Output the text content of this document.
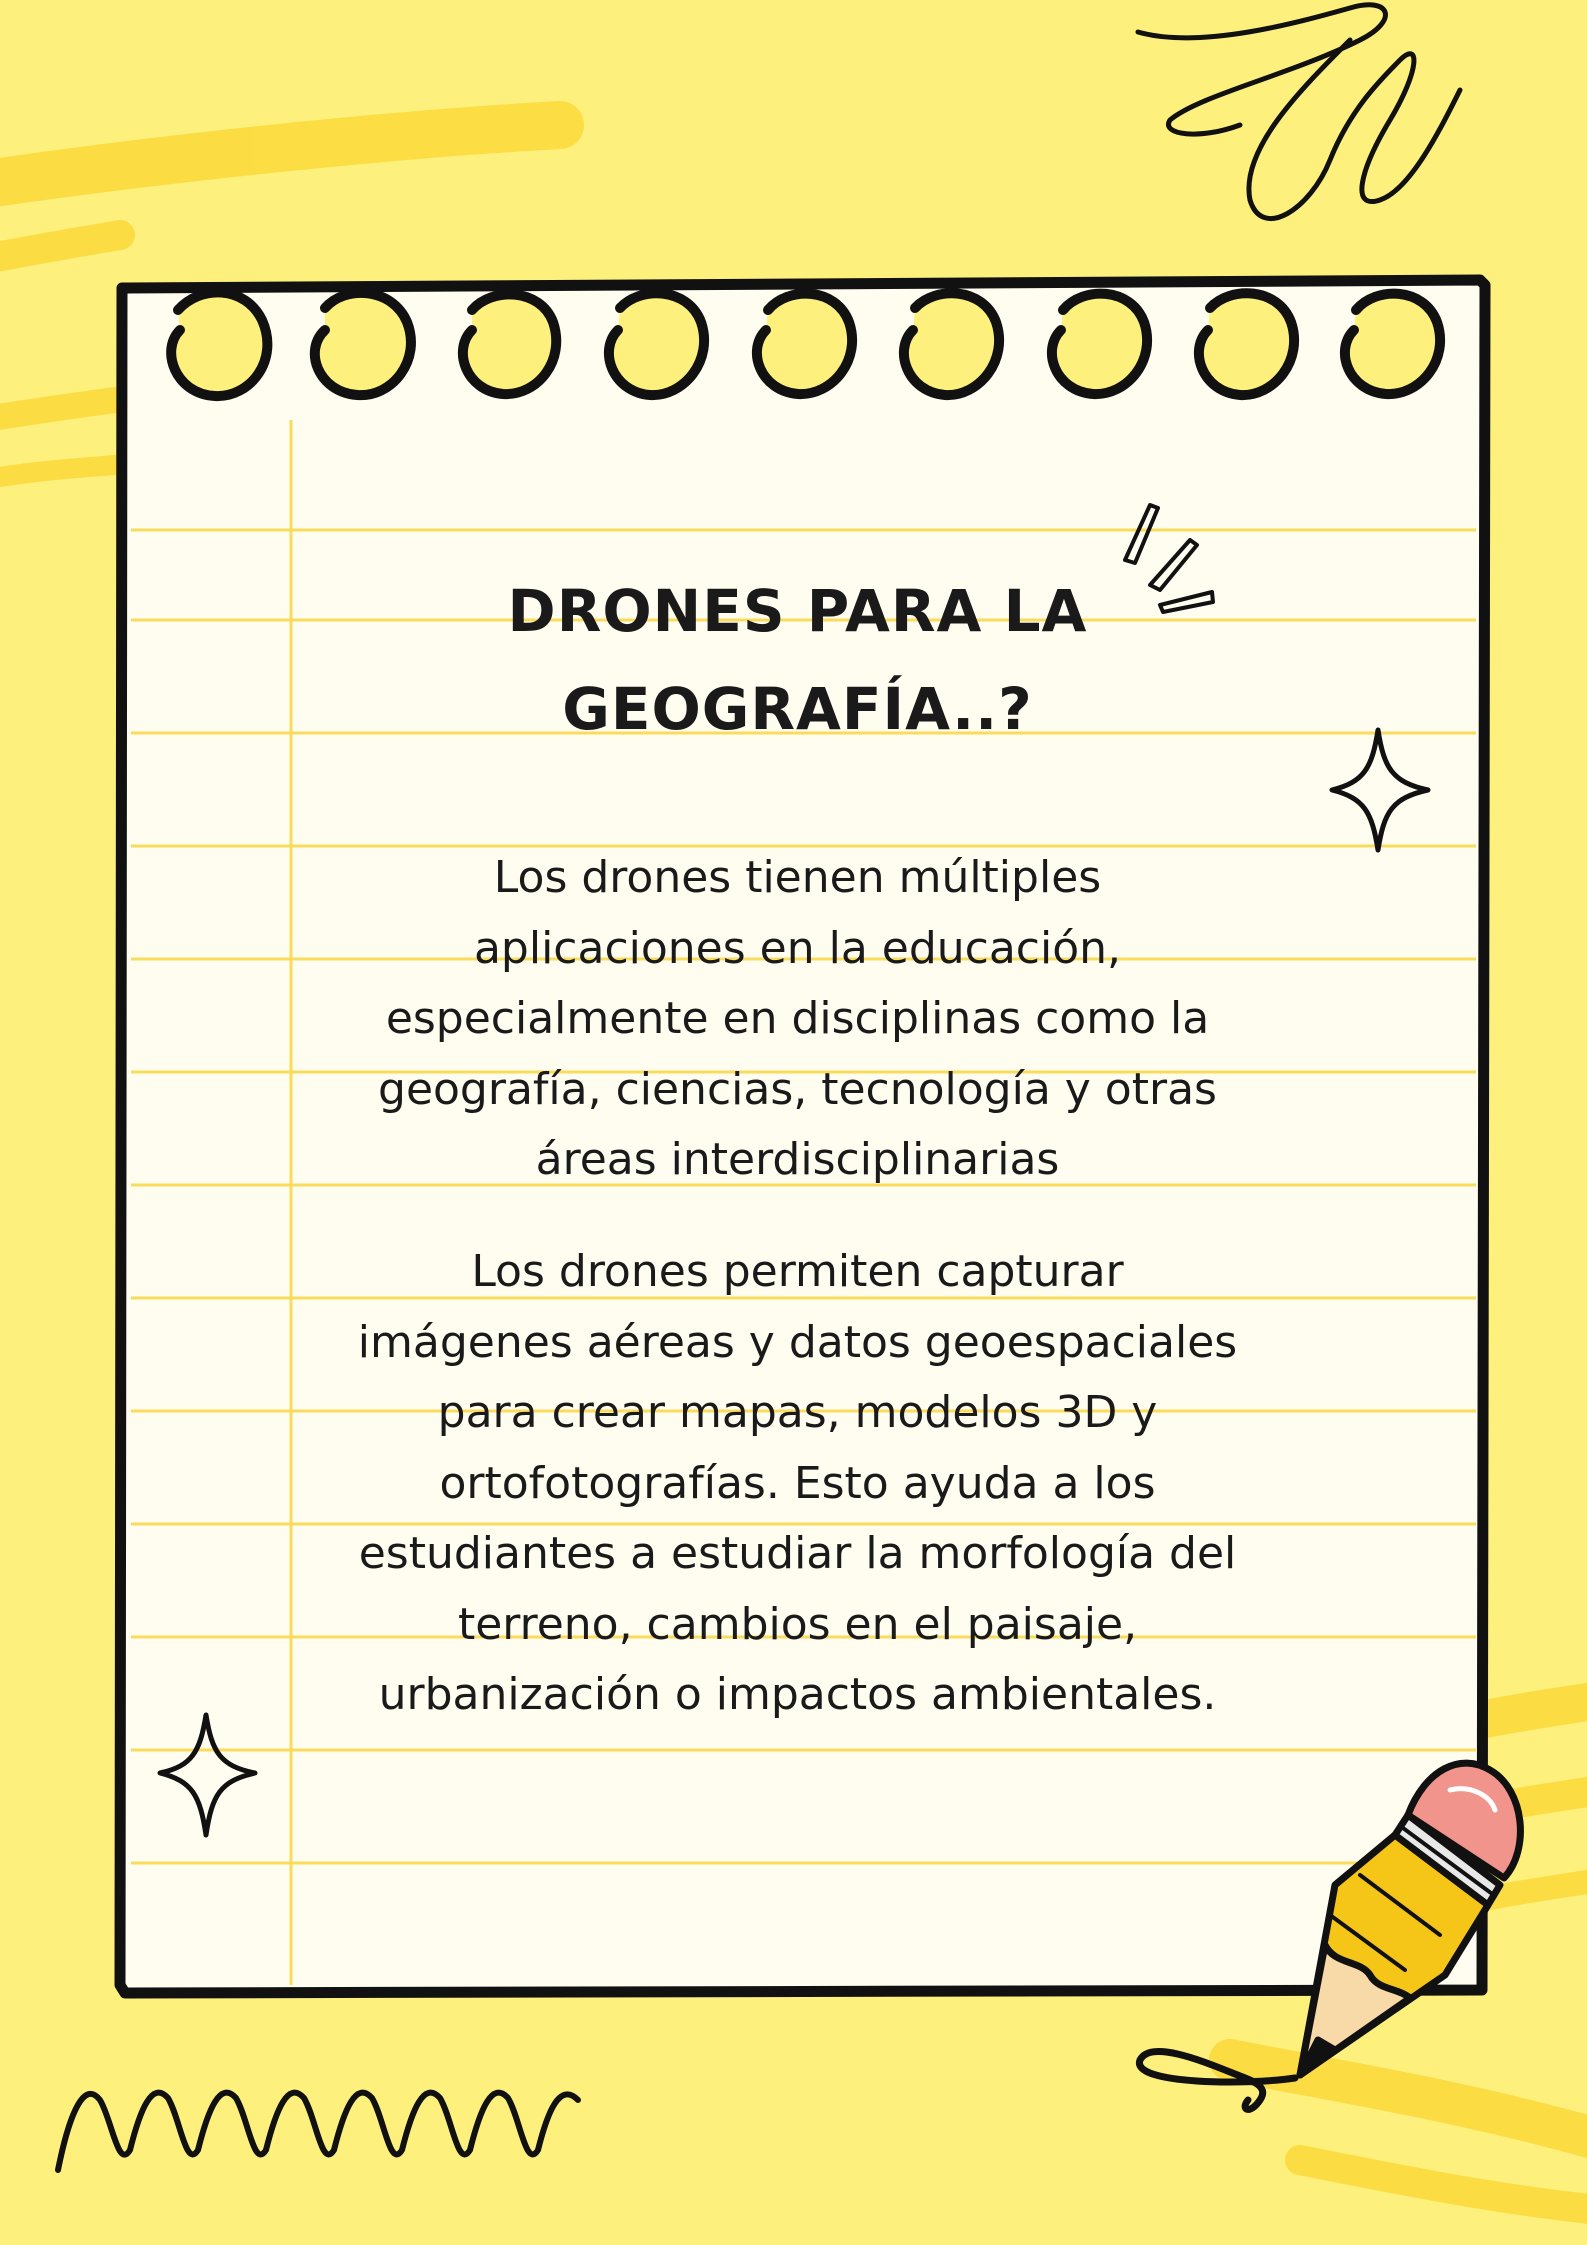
DRONES PARA LA
GEOGRAFÍA..?
Los drones tienen múltiples
aplicaciones en la educación,
especialmente en disciplinas como la
geografía, ciencias, tecnología y otras
áreas interdisciplinarias
Los drones permiten capturar
imágenes aéreas y datos geoespaciales
para crear mapas, modelos 3D y
ortofotografías. Esto ayuda a los
estudiantes a estudiar la morfología del
terreno, cambios en el paisaje,
urbanización o impactos ambientales.
